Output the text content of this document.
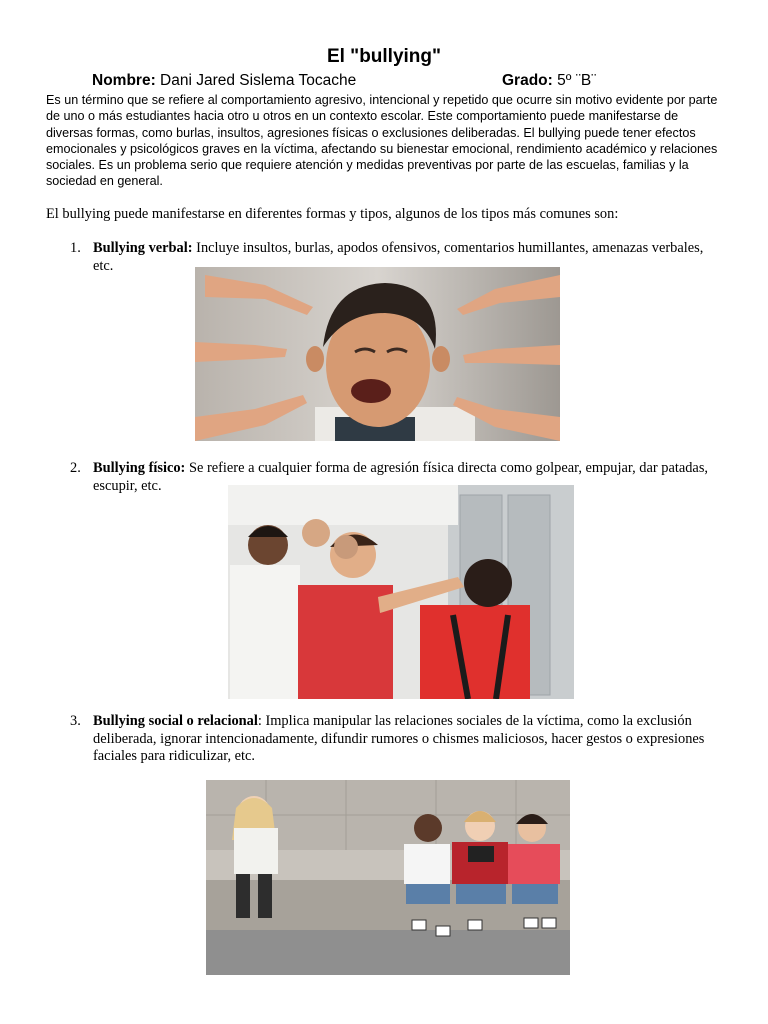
El "bullying"
Nombre: Dani Jared Sislema Tocache	Grado: 5º ¨B¨
Es un término que se refiere al comportamiento agresivo, intencional y repetido que ocurre sin motivo evidente por parte de uno o más estudiantes hacia otro u otros en un contexto escolar. Este comportamiento puede manifestarse de diversas formas, como burlas, insultos, agresiones físicas o exclusiones deliberadas. El bullying puede tener efectos emocionales y psicológicos graves en la víctima, afectando su bienestar emocional, rendimiento académico y relaciones sociales. Es un problema serio que requiere atención y medidas preventivas por parte de las escuelas, familias y la sociedad en general.
El bullying puede manifestarse en diferentes formas y tipos, algunos de los tipos más comunes son:
1. Bullying verbal: Incluye insultos, burlas, apodos ofensivos, comentarios humillantes, amenazas verbales, etc.
2. Bullying físico: Se refiere a cualquier forma de agresión física directa como golpear, empujar, dar patadas, escupir, etc.
3. Bullying social o relacional: Implica manipular las relaciones sociales de la víctima, como la exclusión deliberada, ignorar intencionadamente, difundir rumores o chismes maliciosos, hacer gestos o expresiones faciales para ridiculizar, etc.
